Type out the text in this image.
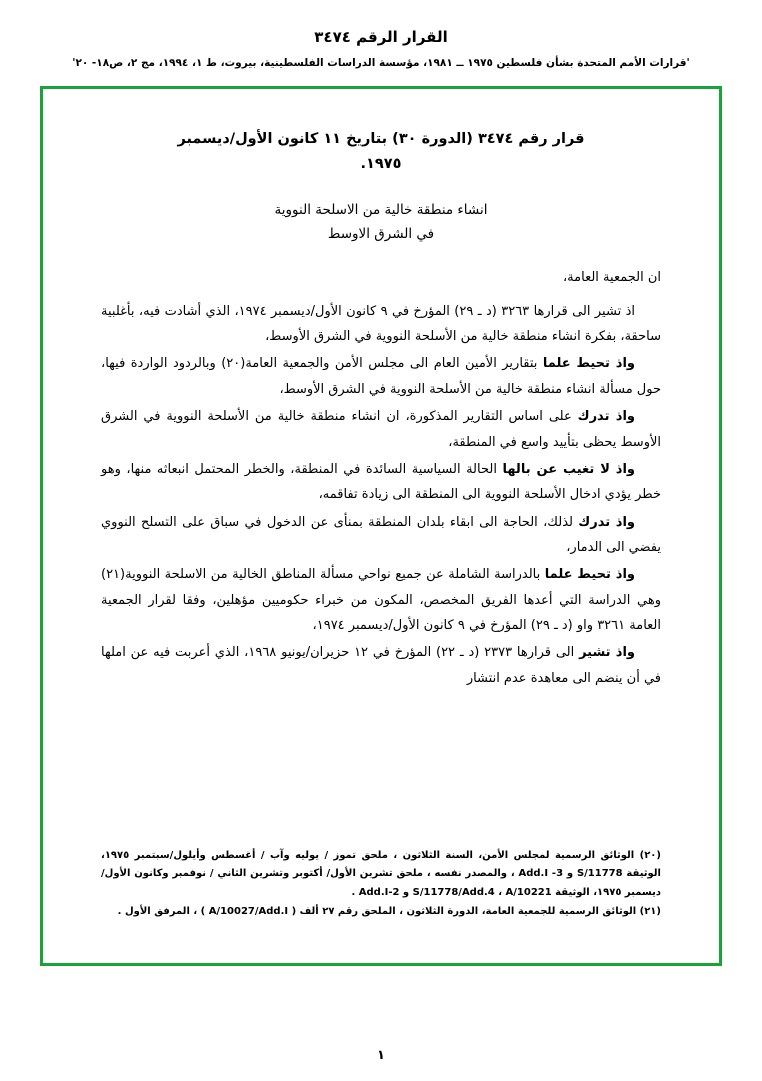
القرار الرقم ٣٤٧٤
'قرارات الأمم المتحدة بشأن فلسطين ١٩٧٥ ــ ١٩٨١، مؤسسة الدراسات الفلسطينية، بيروت، ط ١، ١٩٩٤، مج ٢، ص١٨- ٢٠'
قرار رقم ٣٤٧٤ (الدورة ٣٠) بتاريخ ١١ كانون الأول/ديسمبر
١٩٧٥.
انشاء منطقة خالية من الاسلحة النووية
في الشرق الاوسط

ان الجمعية العامة،

اذ تشير الى قرارها ٣٢٦٣ (د ـ ٢٩) المؤرخ في ٩ كانون الأول/ديسمبر ١٩٧٤، الذي أشادت فيه، بأغلبية ساحقة، بفكرة انشاء منطقة خالية من الأسلحة النووية في الشرق الأوسط،

واذ تحيط علما بتقارير الأمين العام الى مجلس الأمن والجمعية العامة(٢٠) وبالردود الواردة فيها، حول مسألة انشاء منطقة خالية من الأسلحة النووية في الشرق الأوسط،

واذ تدرك على اساس التقارير المذكورة، ان انشاء منطقة خالية من الأسلحة النووية في الشرق الأوسط يحظى بتأييد واسع في المنطقة،

واذ لا تغيب عن بالها الحالة السياسية السائدة في المنطقة، والخطر المحتمل انبعاثه منها، وهو خطر يؤدي ادخال الأسلحة النووية الى المنطقة الى زيادة تفاقمه،

واذ تدرك لذلك، الحاجة الى ابقاء بلدان المنطقة بمنأى عن الدخول في سباق على التسلح النووي يفضي الى الدمار،

واذ تحيط علما بالدراسة الشاملة عن جميع نواحي مسألة المناطق الخالية من الاسلحة النووية(٢١) وهي الدراسة التي أعدها الفريق المخصص، المكون من خبراء حكوميين مؤهلين، وفقا لقرار الجمعية العامة ٣٢٦١ واو (د ـ ٢٩) المؤرخ في ٩ كانون الأول/ديسمبر ١٩٧٤،

واذ تشير الى قرارها ٢٣٧٣ (د ـ ٢٢) المؤرخ في ١٢ حزيران/يونيو ١٩٦٨، الذي أعربت فيه عن املها في أن ينضم الى معاهدة عدم انتشار

(٢٠) الوثائق الرسمية لمجلس الأمن، السنة الثلاثون ، ملحق تموز / يوليه وآب / أغسطس وأيلول/سبتمبر ١٩٧٥، الوثيقة S/11778 و Add.I -3 ، والمصدر نفسه ، ملحق تشرين الأول/ أكتوبر وتشرين الثاني / نوفمبر وكانون الأول/ ديسمبر ١٩٧٥، الوثيقة S/11778/Add.4 ، A/10221 و Add.I-2 .
(٢١) الوثائق الرسمية للجمعية العامة، الدورة الثلاثون ، الملحق رقم ٢٧ ألف ( A/10027/Add.I ) ، المرفق الأول .
١
